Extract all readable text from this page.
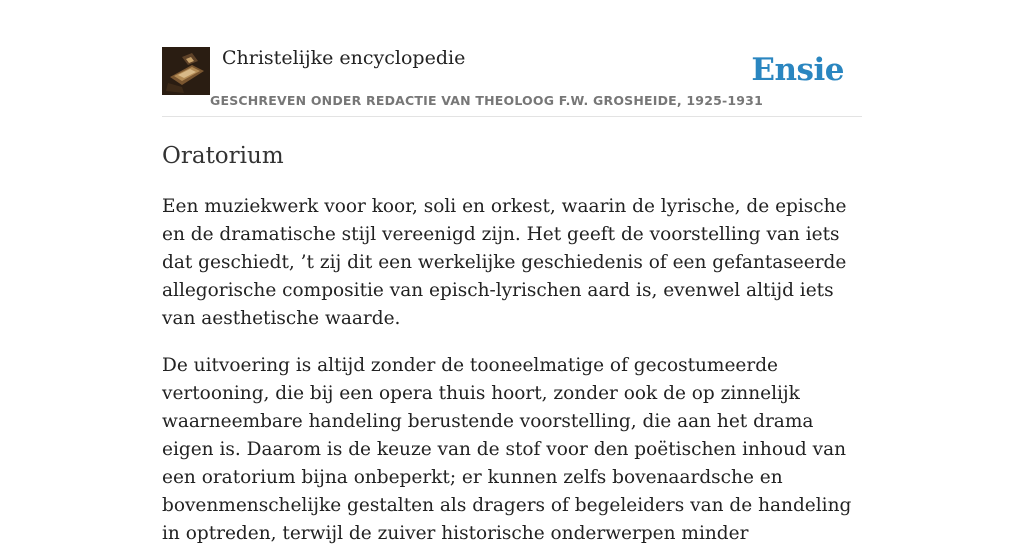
Christelijke encyclopedie
GESCHREVEN ONDER REDACTIE VAN THEOLOOG F.W. GROSHEIDE, 1925-1931
Ensie
Oratorium

Een muziekwerk voor koor, soli en orkest, waarin de lyrische, de epische en de dramatische stijl vereenigd zijn. Het geeft de voorstelling van iets dat geschiedt, ’t zij dit een werkelijke geschiedenis of een gefantaseerde allegorische compositie van episch-lyrischen aard is, evenwel altijd iets van aesthetische waarde.

De uitvoering is altijd zonder de tooneelmatige of gecostumeerde vertooning, die bij een opera thuis hoort, zonder ook de op zinnelijk waarneembare handeling berustende voorstelling, die aan het drama eigen is. Daarom is de keuze van de stof voor den poëtischen inhoud van een oratorium bijna onbeperkt; er kunnen zelfs bovenaardsche en bovenmenschelijke gestalten als dragers of begeleiders van de handeling in optreden, terwijl de zuiver historische onderwerpen minder
